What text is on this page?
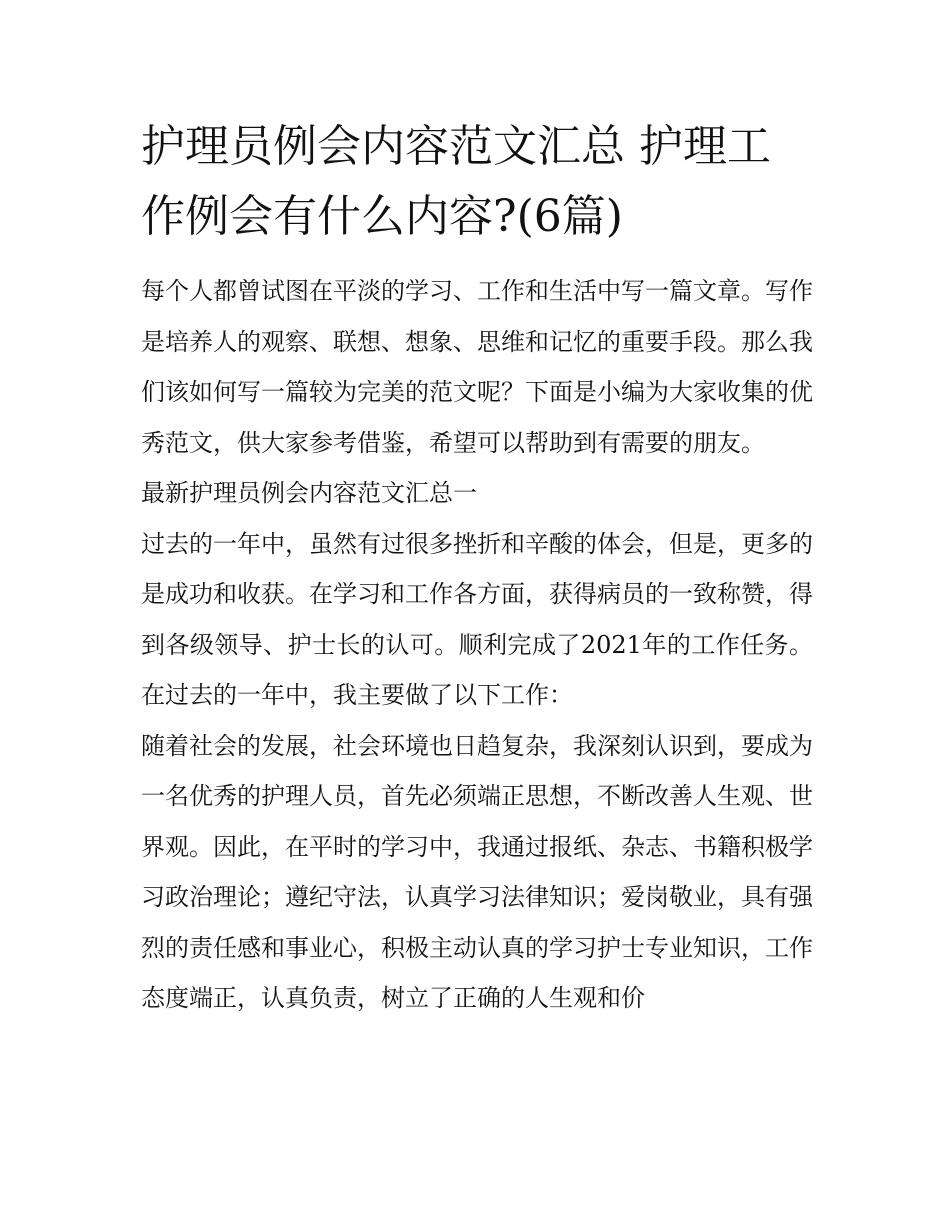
护理员例会内容范文汇总 护理工作例会有什么内容?(6篇)

每个人都曾试图在平淡的学习、工作和生活中写一篇文章。写作是培养人的观察、联想、想象、思维和记忆的重要手段。那么我们该如何写一篇较为完美的范文呢？下面是小编为大家收集的优秀范文，供大家参考借鉴，希望可以帮助到有需要的朋友。

最新护理员例会内容范文汇总一

过去的一年中，虽然有过很多挫折和辛酸的体会，但是，更多的是成功和收获。在学习和工作各方面，获得病员的一致称赞，得到各级领导、护士长的认可。顺利完成了2021年的工作任务。在过去的一年中，我主要做了以下工作：

随着社会的发展，社会环境也日趋复杂，我深刻认识到，要成为一名优秀的护理人员，首先必须端正思想，不断改善人生观、世界观。因此，在平时的学习中，我通过报纸、杂志、书籍积极学习政治理论；遵纪守法，认真学习法律知识；爱岗敬业，具有强烈的责任感和事业心，积极主动认真的学习护士专业知识，工作态度端正，认真负责，树立了正确的人生观和价
